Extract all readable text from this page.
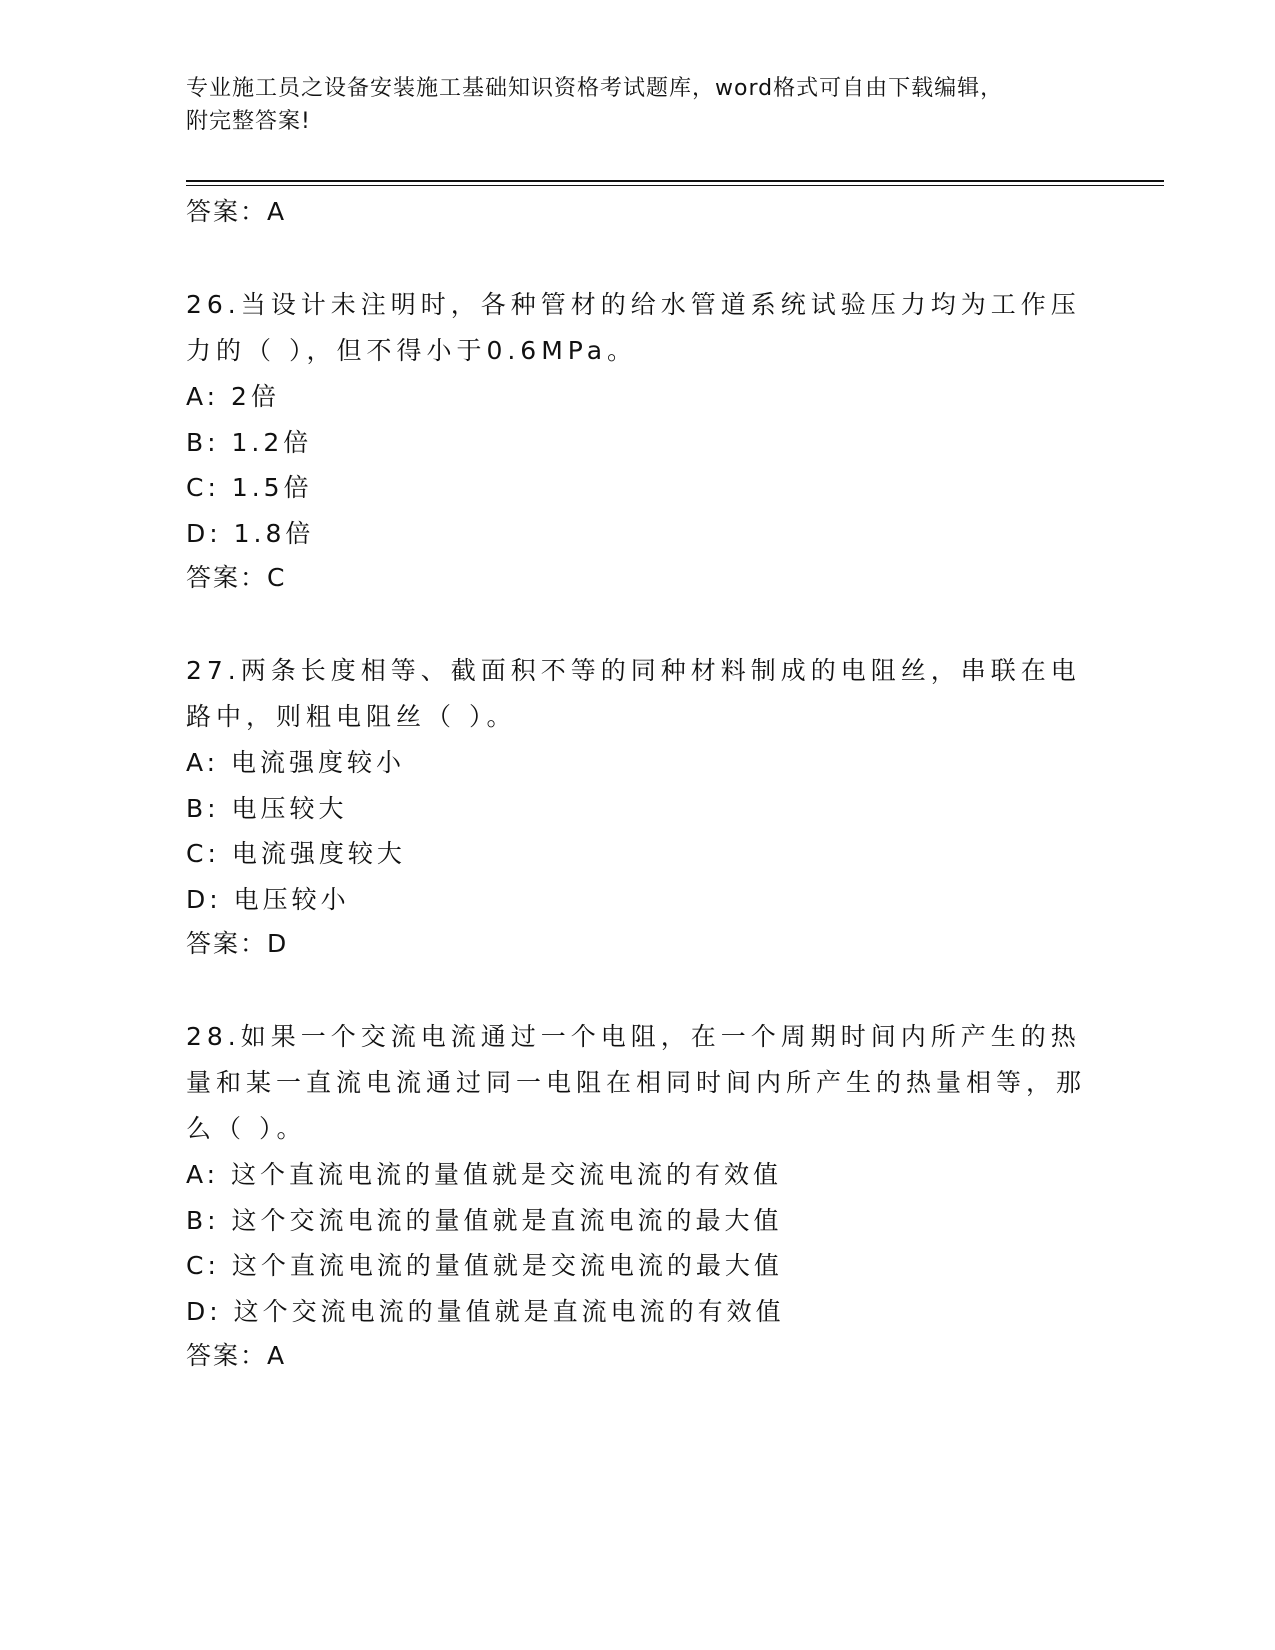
专业施工员之设备安装施工基础知识资格考试题库，word格式可自由下载编辑，
附完整答案!

答案：A

26.当设计未注明时，各种管材的给水管道系统试验压力均为工作压力的（ ），但不得小于0.6MPa。

A: 2倍

B: 1.2倍

C: 1.5倍

D: 1.8倍

答案：C

27.两条长度相等、截面积不等的同种材料制成的电阻丝，串联在电路中，则粗电阻丝（ ）。

A: 电流强度较小

B: 电压较大

C: 电流强度较大

D: 电压较小

答案：D

28.如果一个交流电流通过一个电阻，在一个周期时间内所产生的热量和某一直流电流通过同一电阻在相同时间内所产生的热量相等，那么（ ）。

A: 这个直流电流的量值就是交流电流的有效值

B: 这个交流电流的量值就是直流电流的最大值

C: 这个直流电流的量值就是交流电流的最大值

D: 这个交流电流的量值就是直流电流的有效值

答案：A
